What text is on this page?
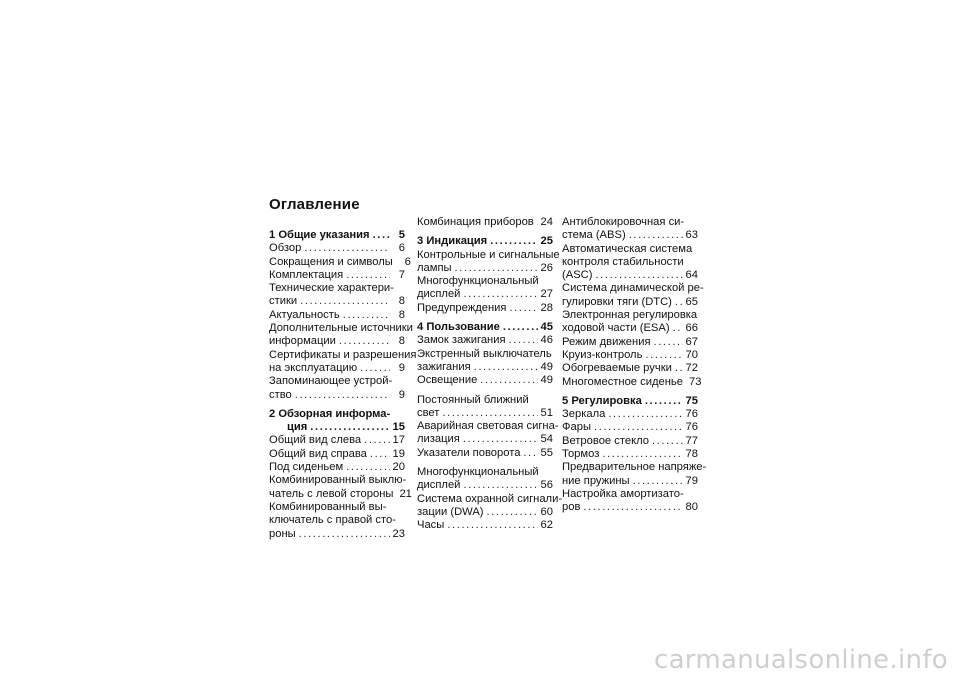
Оглавление
1 Общие указания .....	5
Обзор .....	6
Сокращения и символы	6
Комплектация .....	7
Технические характери-
стики .....	8
Актуальность .....	8
Дополнительные источники
информации .....	8
Сертификаты и разрешения
на эксплуатацию .....	9
Запоминающее устрой-
ство .....	9
2 Обзорная информа-
ция .....	15
Общий вид слева .....	17
Общий вид справа ..... 19
Под сиденьем .....	20
Комбинированный выклю-
чатель с левой стороны 21
Комбинированный вы-
ключатель с правой сто-
роны .....	23
Комбинация приборов ..... 24
3 Индикация .....	25
Контрольные и сигнальные
лампы .....	26
Многофункциональный
дисплей .....	27
Предупреждения .....	28
4 Пользование .....	45
Замок зажигания .....	46
Экстренный выключатель
зажигания .....	49
Освещение .....	49
Постоянный ближний
свет .....	51
Аварийная световая сигна-
лизация .....	54
Указатели поворота ..... 55
Многофункциональный
дисплей .....	56
Система охранной сигнали-
зации (DWA) .....	60
Часы .....	62
Антиблокировочная си-
стема (ABS) .....	63
Автоматическая система
контроля стабильности
(ASC) .....	64
Система динамической ре-
гулировки тяги (DTC) ..... 65
Электронная регулировка
ходовой части (ESA) ..... 66
Режим движения .....	67
Круиз-контроль .....	70
Обогреваемые ручки ..... 72
Многоместное сиденье 73
5 Регулировка .....	75
Зеркала .....	76
Фары .....	76
Ветровое стекло .....	77
Тормоз .....	78
Предварительное напряже-
ние пружины .....	79
Настройка амортизато-
ров .....	80
carmanualsonline.info
